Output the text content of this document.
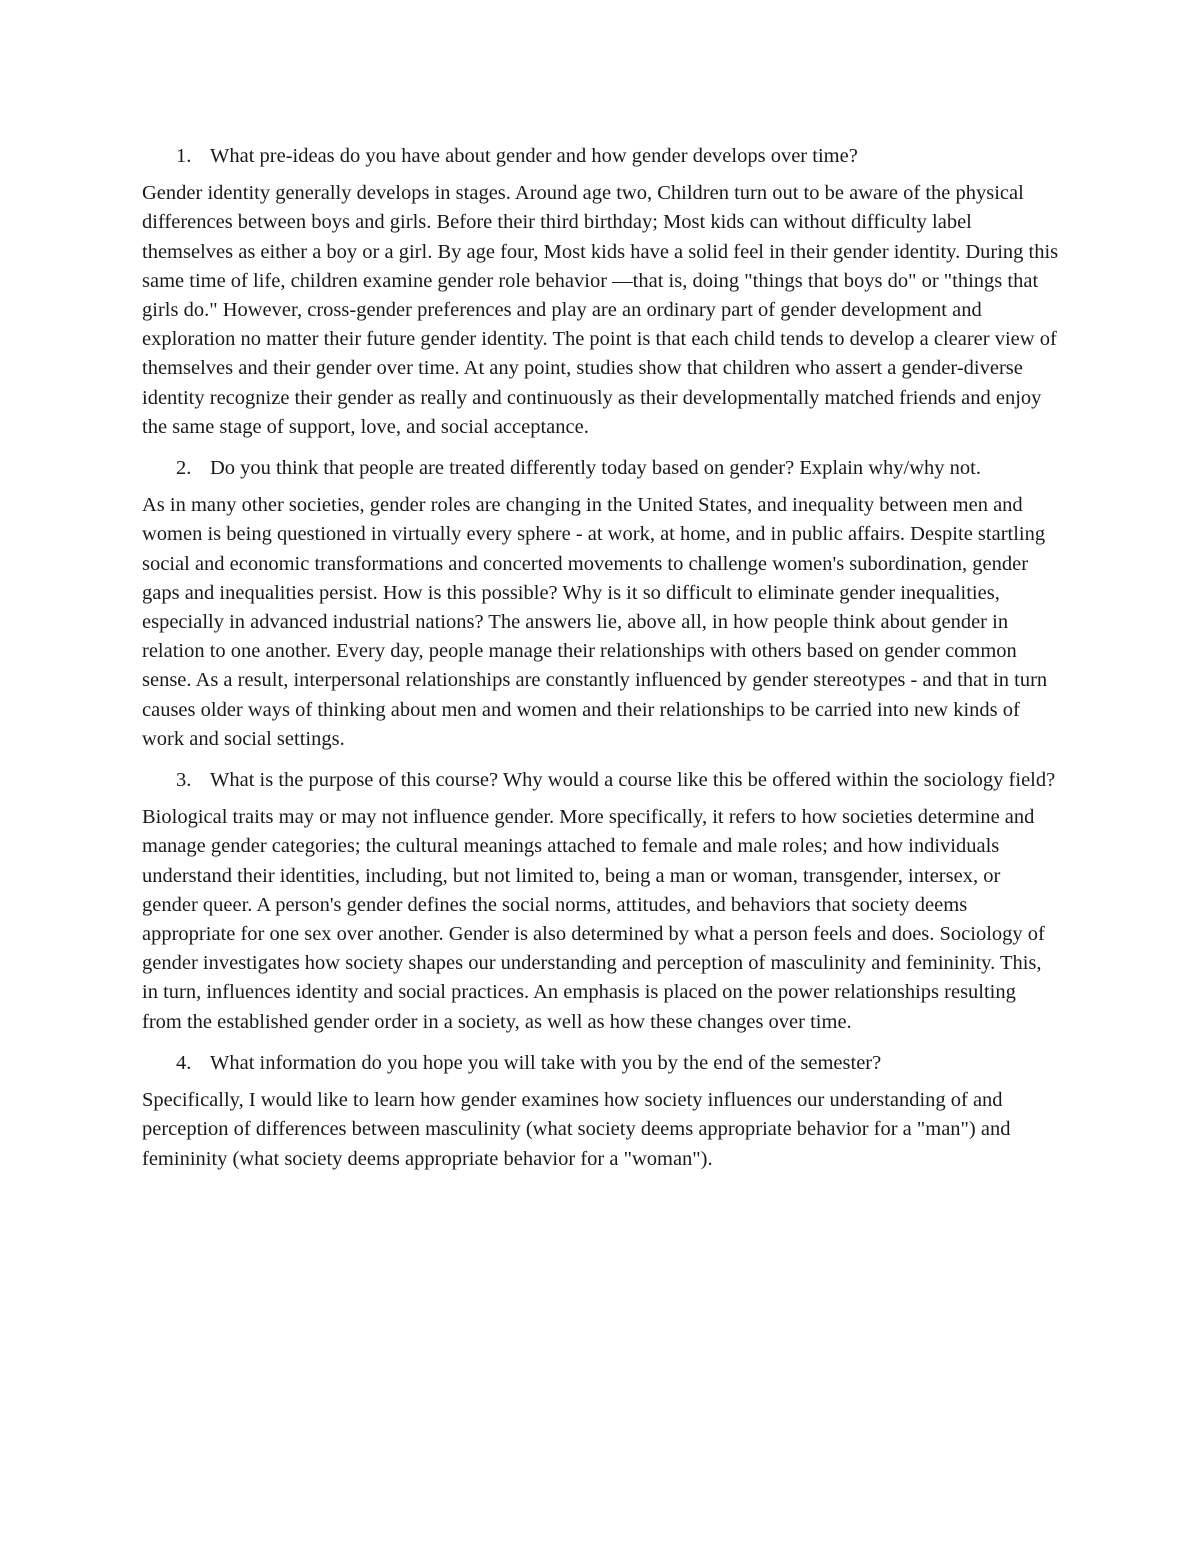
1. What pre-ideas do you have about gender and how gender develops over time?

Gender identity generally develops in stages. Around age two, Children turn out to be aware of the physical differences between boys and girls. Before their third birthday; Most kids can without difficulty label themselves as either a boy or a girl. By age four, Most kids have a solid feel in their gender identity. During this same time of life, children examine gender role behavior —that is, doing "things that boys do" or "things that girls do." However, cross-gender preferences and play are an ordinary part of gender development and exploration no matter their future gender identity. The point is that each child tends to develop a clearer view of themselves and their gender over time. At any point, studies show that children who assert a gender-diverse identity recognize their gender as really and continuously as their developmentally matched friends and enjoy the same stage of support, love, and social acceptance.

2. Do you think that people are treated differently today based on gender? Explain why/why not.

As in many other societies, gender roles are changing in the United States, and inequality between men and women is being questioned in virtually every sphere - at work, at home, and in public affairs. Despite startling social and economic transformations and concerted movements to challenge women's subordination, gender gaps and inequalities persist. How is this possible? Why is it so difficult to eliminate gender inequalities, especially in advanced industrial nations? The answers lie, above all, in how people think about gender in relation to one another. Every day, people manage their relationships with others based on gender common sense. As a result, interpersonal relationships are constantly influenced by gender stereotypes - and that in turn causes older ways of thinking about men and women and their relationships to be carried into new kinds of work and social settings.

3. What is the purpose of this course? Why would a course like this be offered within the sociology field?

Biological traits may or may not influence gender. More specifically, it refers to how societies determine and manage gender categories; the cultural meanings attached to female and male roles; and how individuals understand their identities, including, but not limited to, being a man or woman, transgender, intersex, or gender queer. A person's gender defines the social norms, attitudes, and behaviors that society deems appropriate for one sex over another. Gender is also determined by what a person feels and does. Sociology of gender investigates how society shapes our understanding and perception of masculinity and femininity. This, in turn, influences identity and social practices. An emphasis is placed on the power relationships resulting from the established gender order in a society, as well as how these changes over time.

4. What information do you hope you will take with you by the end of the semester?

Specifically, I would like to learn how gender examines how society influences our understanding of and perception of differences between masculinity (what society deems appropriate behavior for a "man") and femininity (what society deems appropriate behavior for a "woman").
